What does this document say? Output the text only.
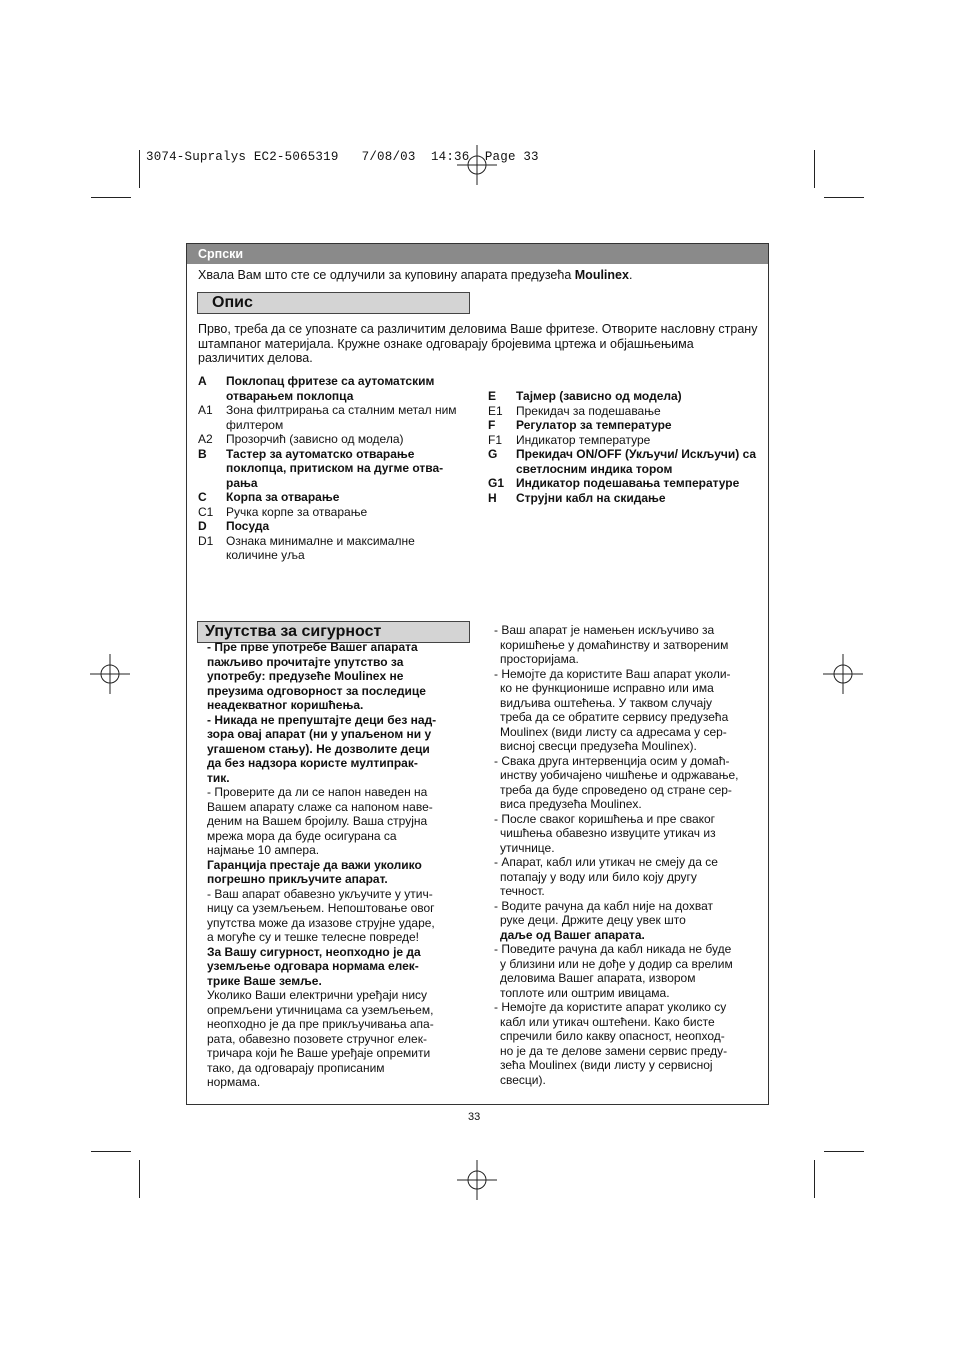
3074-Supralys EC2-5065319   7/08/03  14:36  Page 33
Српски
Хвала Вам што сте се одлучили за куповину апарата предузећа Moulinex.
Опис
Прво, треба да се упознате са различитим деловима Ваше фритезе. Отворите насловну страну штампаног материјала. Кружне ознаке одговарају бројевима цртежа и објашњењима различитих делова.
A	Поклопац фритезе са аутоматским отварањем поклопца
A1	Зона филтрирања са сталним метал ним филтером
A2	Прозорчић (зависно од модела)
B	Тастер за аутоматско отварање поклопца, притиском на дугме отва-рања
C	Корпа за отварање
C1	Ручка корпе за отварање
D	Посуда
D1	Ознака минималне и максималне количине уља
E	Тајмер (зависно од модела)
E1	Прекидач за подешавање
F	Регулатор за температуре
F1	Индикатор температуре
G	Прекидач ON/OFF (Укључи/ Искључи) са светлосним индика тором
G1 Индикатор подешавања температуре
H	Струјни кабл на скидање
Упутства за сигурност

- Пре прве употребе Вашег апарата

пажљиво прочитајте упутство за

употребу: предузеће Moulinex не

преузима одговорност за последице

неадекватног коришћења.

- Никада не препуштајте деци без над-

зора овај апарат (ни у упаљеном ни у

угашеном стању). Не дозволите деци

да без надзора користе мултипрак-

тик.

- Проверите да ли се напон наведен на

Вашем апарату слаже са напоном наве-

деним на Вашем бројилу. Ваша струјна

мрежа мора да буде осигурана са

најмање 10 ампера.

Гаранција престаје да важи уколико

погрешно прикључите апарат.

- Ваш апарат обавезно укључите у утич-

ницу са уземљењем. Непоштовање овог

упутства може да изазове струјне ударе,

а могуће су и тешке телесне повреде!

За Вашу сигурност, неопходно је да

уземљење одговара нормама елек-

трике Ваше земље.

Уколико Ваши електрични уређаји нису

опремљени утичницама са уземљењем,

неопходно је да пре прикључивања апа-

рата, обавезно позовете стручног елек-

тричара који ће Ваше уређаје опремити

тако, да одговарају прописаним

нормама.

- Ваш апарат је намењен искључиво за

коришћење у домаћинству и затвореним

просторијама.

- Немојте да користите Ваш апарат уколи-

ко не функционише исправно или има

видљива оштећења. У таквом случају

треба да се обратите сервису предузећа

Moulinex (види листу са адресама у сер-

висној свесци предузећа Moulinex).

- Свака друга интервенција осим у домаћ-

инству уобичајено чишћење и одржавање,

треба да буде спроведено од стране сер-

виса предузећа Moulinex.

- После сваког коришћења и пре сваког

чишћења обавезно извуците утикач из

утичнице.

- Апарат, кабл или утикач не смеју да се

потапају у воду или било коју другу

течност.

- Водите рачуна да кабл није на дохват

руке деци. Држите децу увек што

даље од Вашег апарата.

- Поведите рачуна да кабл никада не буде

у близини или не дође у додир са врелим

деловима Вашег апарата, извором

топлоте или оштрим ивицама.

- Немојте да користите апарат уколико су

кабл или утикач оштећени. Како бисте

спречили било какву опасност, неопход-

но је да те делове замени сервис преду-

зећа Moulinex (види листу у сервисној

свесци).

33
